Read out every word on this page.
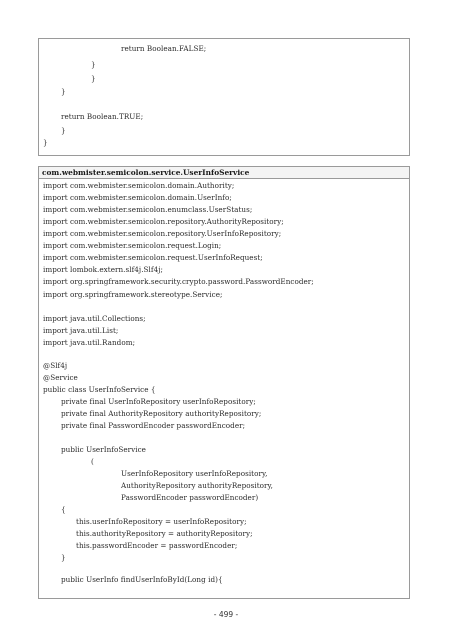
return Boolean.FALSE;
}
}
}
return Boolean.TRUE;
}
}
com.webmister.semicolon.service.UserInfoService
import com.webmister.semicolon.domain.Authority;
import com.webmister.semicolon.domain.UserInfo;
import com.webmister.semicolon.enumclass.UserStatus;
import com.webmister.semicolon.repository.AuthorityRepository;
import com.webmister.semicolon.repository.UserInfoRepository;
import com.webmister.semicolon.request.Login;
import com.webmister.semicolon.request.UserInfoRequest;
import lombok.extern.slf4j.Slf4j;
import org.springframework.security.crypto.password.PasswordEncoder;
import org.springframework.stereotype.Service;
import java.util.Collections;
import java.util.List;
import java.util.Random;
@Slf4j
@Service
public class UserInfoService {
private final UserInfoRepository userInfoRepository;
private final AuthorityRepository authorityRepository;
private final PasswordEncoder passwordEncoder;
public UserInfoService
(
UserInfoRepository userInfoRepository,
AuthorityRepository authorityRepository,
PasswordEncoder passwordEncoder)
{
this.userInfoRepository = userInfoRepository;
this.authorityRepository = authorityRepository;
this.passwordEncoder = passwordEncoder;
}
public UserInfo findUserInfoById(Long id){
- 499 -
